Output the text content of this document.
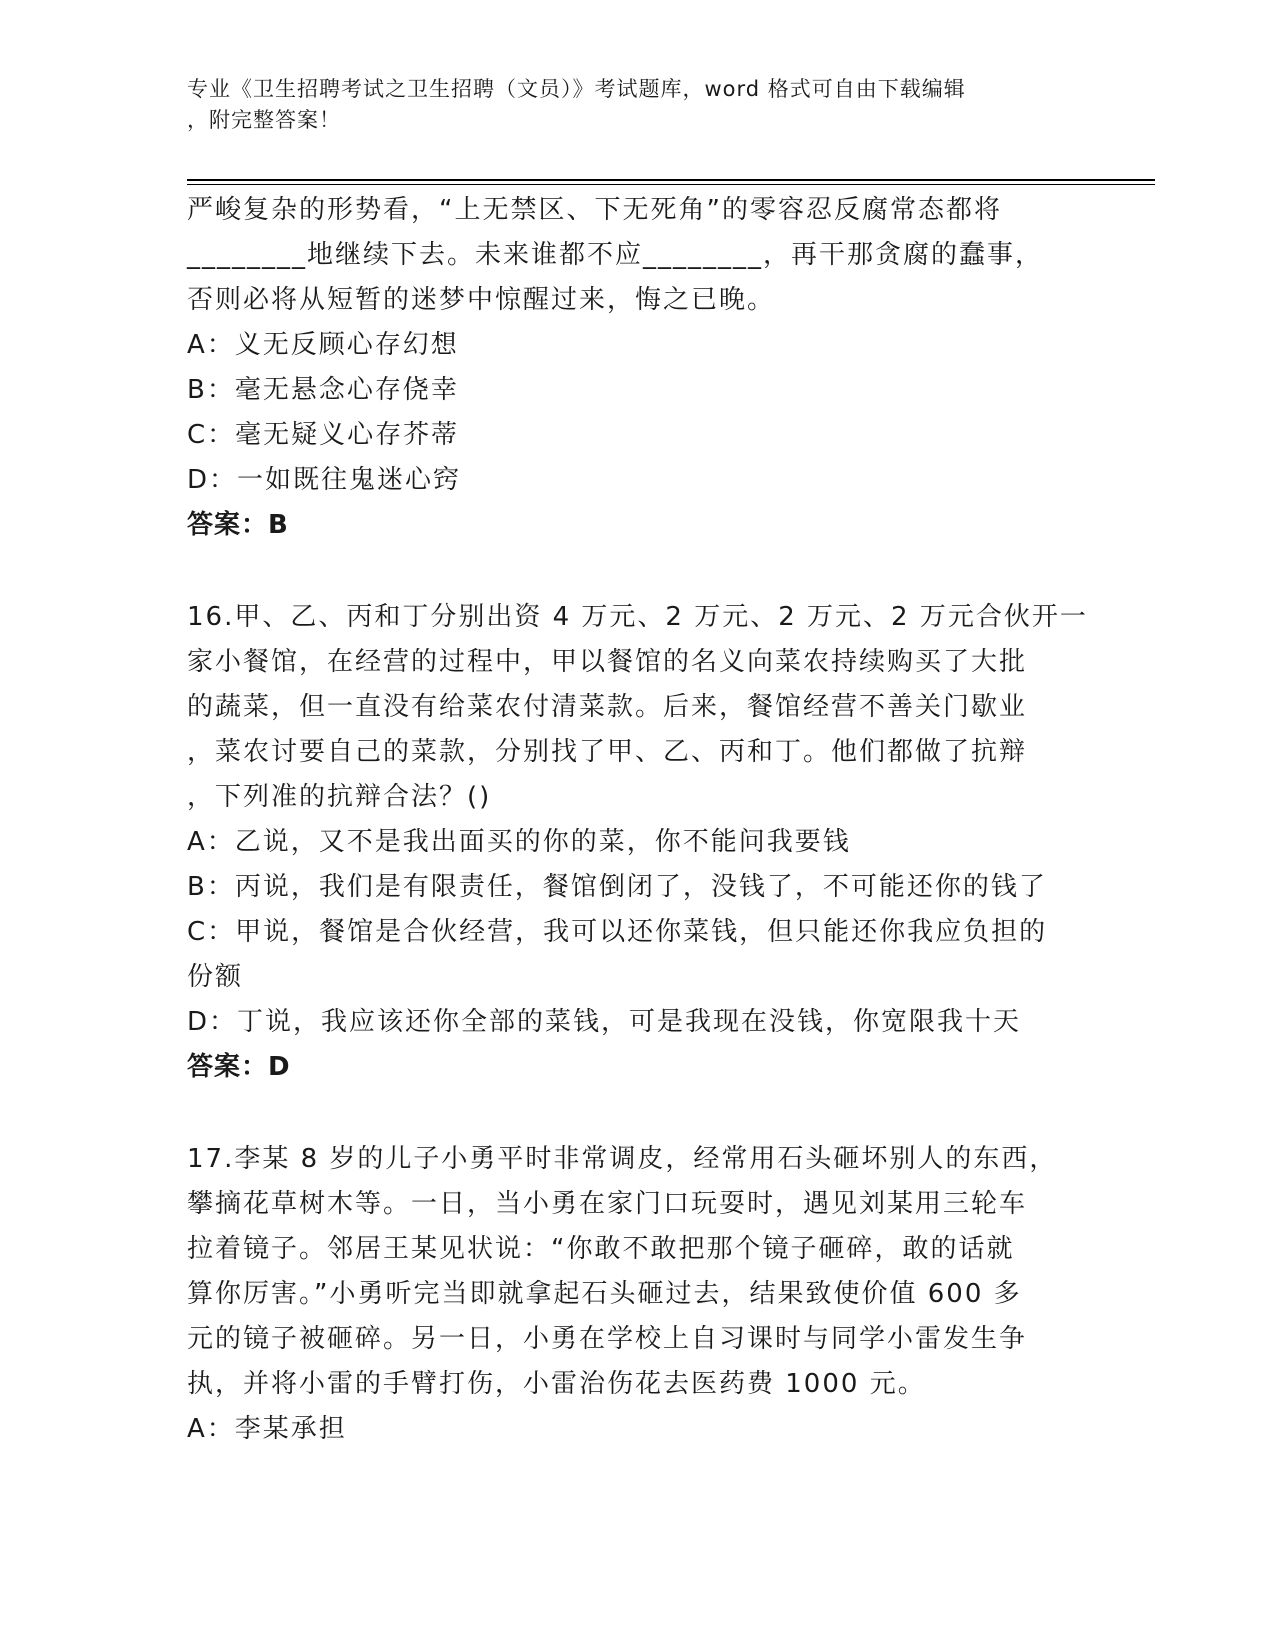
专业《卫生招聘考试之卫生招聘（文员）》考试题库，word 格式可自由下载编辑
，附完整答案！
严峻复杂的形势看，“上无禁区、下无死角”的零容忍反腐常态都将
________地继续下去。未来谁都不应________，再干那贪腐的蠢事，
否则必将从短暂的迷梦中惊醒过来，悔之已晚。
A：义无反顾心存幻想
B：毫无悬念心存侥幸
C：毫无疑义心存芥蒂
D：一如既往鬼迷心窍
答案：B
16.甲、乙、丙和丁分别出资 4 万元、2 万元、2 万元、2 万元合伙开一
家小餐馆，在经营的过程中，甲以餐馆的名义向菜农持续购买了大批
的蔬菜，但一直没有给菜农付清菜款。后来，餐馆经营不善关门歇业
，菜农讨要自己的菜款，分别找了甲、乙、丙和丁。他们都做了抗辩
，下列准的抗辩合法？()
A：乙说，又不是我出面买的你的菜，你不能问我要钱
B：丙说，我们是有限责任，餐馆倒闭了，没钱了，不可能还你的钱了
C：甲说，餐馆是合伙经营，我可以还你菜钱，但只能还你我应负担的
份额
D：丁说，我应该还你全部的菜钱，可是我现在没钱，你宽限我十天
答案：D
17.李某 8 岁的儿子小勇平时非常调皮，经常用石头砸坏别人的东西，
攀摘花草树木等。一日，当小勇在家门口玩耍时，遇见刘某用三轮车
拉着镜子。邻居王某见状说：“你敢不敢把那个镜子砸碎，敢的话就
算你厉害。”小勇听完当即就拿起石头砸过去，结果致使价值 600 多
元的镜子被砸碎。另一日，小勇在学校上自习课时与同学小雷发生争
执，并将小雷的手臂打伤，小雷治伤花去医药费 1000 元。
A：李某承担
